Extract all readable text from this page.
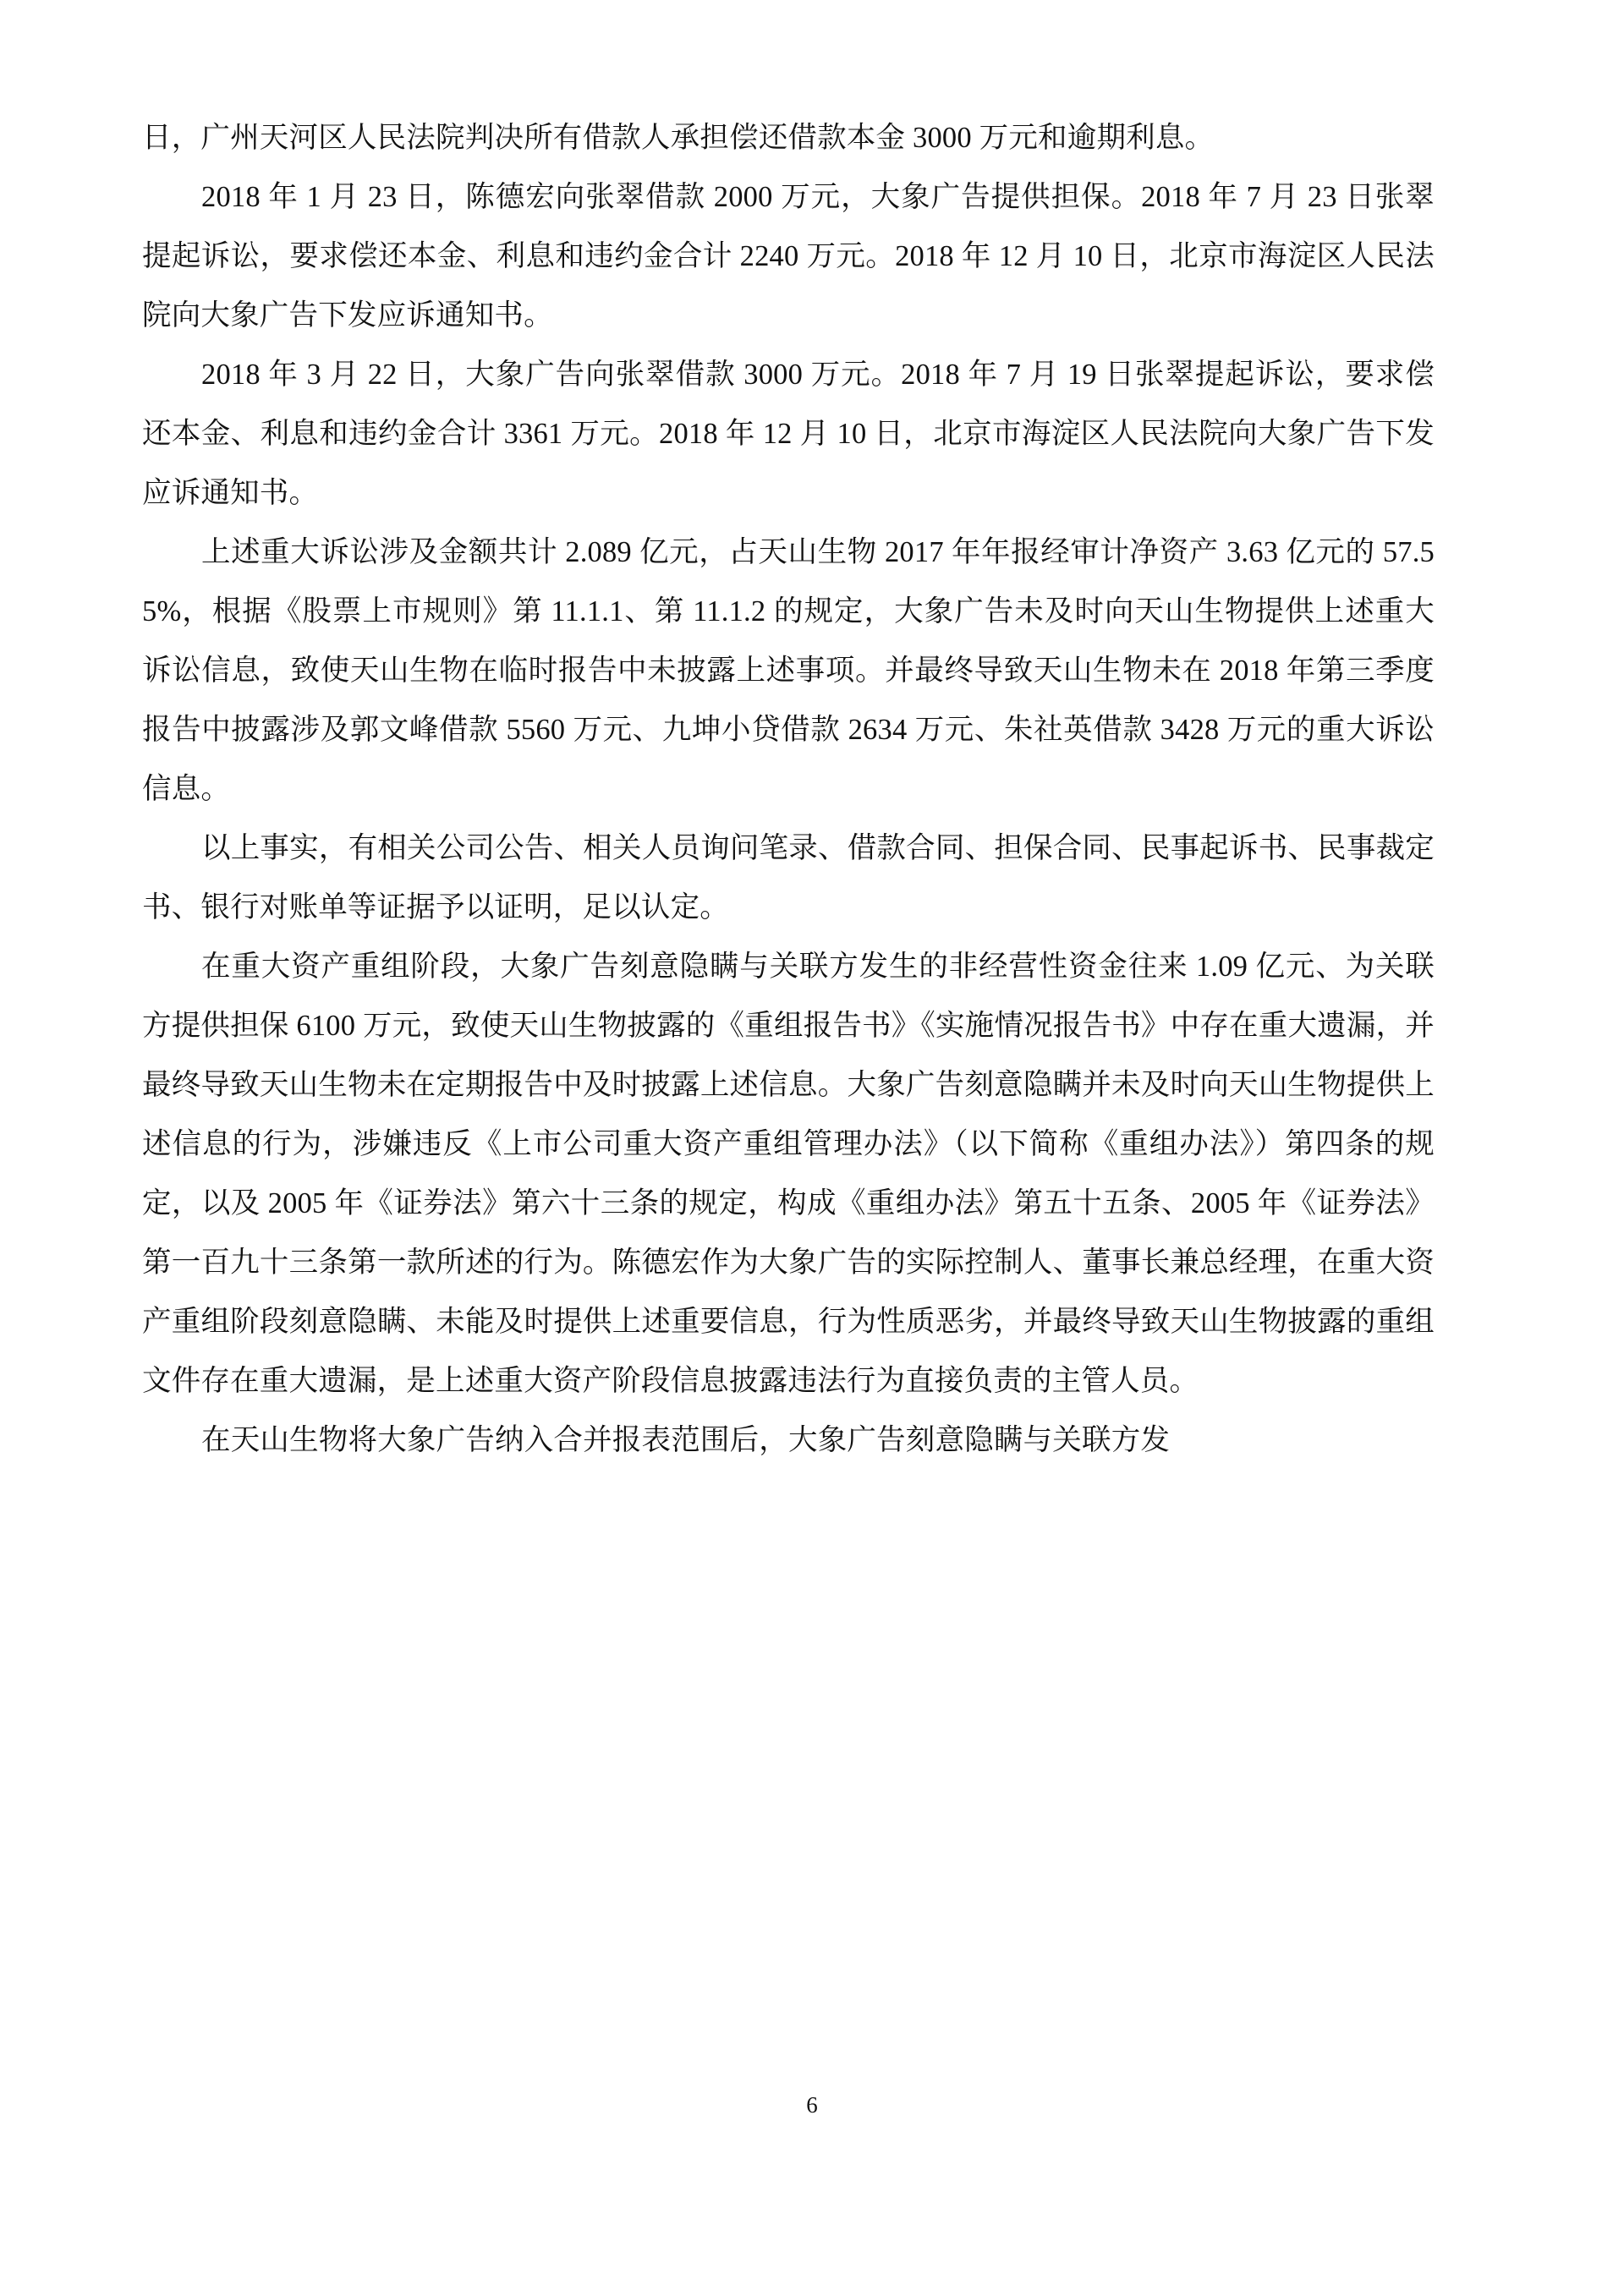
日，广州天河区人民法院判决所有借款人承担偿还借款本金 3000 万元和逾期利息。

2018 年 1 月 23 日，陈德宏向张翠借款 2000 万元，大象广告提供担保。2018 年 7 月 23 日张翠提起诉讼，要求偿还本金、利息和违约金合计 2240 万元。2018 年 12 月 10 日，北京市海淀区人民法院向大象广告下发应诉通知书。

2018 年 3 月 22 日，大象广告向张翠借款 3000 万元。2018 年 7 月 19 日张翠提起诉讼，要求偿还本金、利息和违约金合计 3361 万元。2018 年 12 月 10 日，北京市海淀区人民法院向大象广告下发应诉通知书。

上述重大诉讼涉及金额共计 2.089 亿元，占天山生物 2017 年年报经审计净资产 3.63 亿元的 57.55%，根据《股票上市规则》第 11.1.1、第 11.1.2 的规定，大象广告未及时向天山生物提供上述重大诉讼信息，致使天山生物在临时报告中未披露上述事项。并最终导致天山生物未在 2018 年第三季度报告中披露涉及郭文峰借款 5560 万元、九坤小贷借款 2634 万元、朱社英借款 3428 万元的重大诉讼信息。

以上事实，有相关公司公告、相关人员询问笔录、借款合同、担保合同、民事起诉书、民事裁定书、银行对账单等证据予以证明，足以认定。

在重大资产重组阶段，大象广告刻意隐瞒与关联方发生的非经营性资金往来 1.09 亿元、为关联方提供担保 6100 万元，致使天山生物披露的《重组报告书》《实施情况报告书》中存在重大遗漏，并最终导致天山生物未在定期报告中及时披露上述信息。大象广告刻意隐瞒并未及时向天山生物提供上述信息的行为，涉嫌违反《上市公司重大资产重组管理办法》（以下简称《重组办法》）第四条的规定，以及 2005 年《证券法》第六十三条的规定，构成《重组办法》第五十五条、2005 年《证券法》第一百九十三条第一款所述的行为。陈德宏作为大象广告的实际控制人、董事长兼总经理，在重大资产重组阶段刻意隐瞒、未能及时提供上述重要信息，行为性质恶劣，并最终导致天山生物披露的重组文件存在重大遗漏，是上述重大资产阶段信息披露违法行为直接负责的主管人员。

在天山生物将大象广告纳入合并报表范围后，大象广告刻意隐瞒与关联方发

6
